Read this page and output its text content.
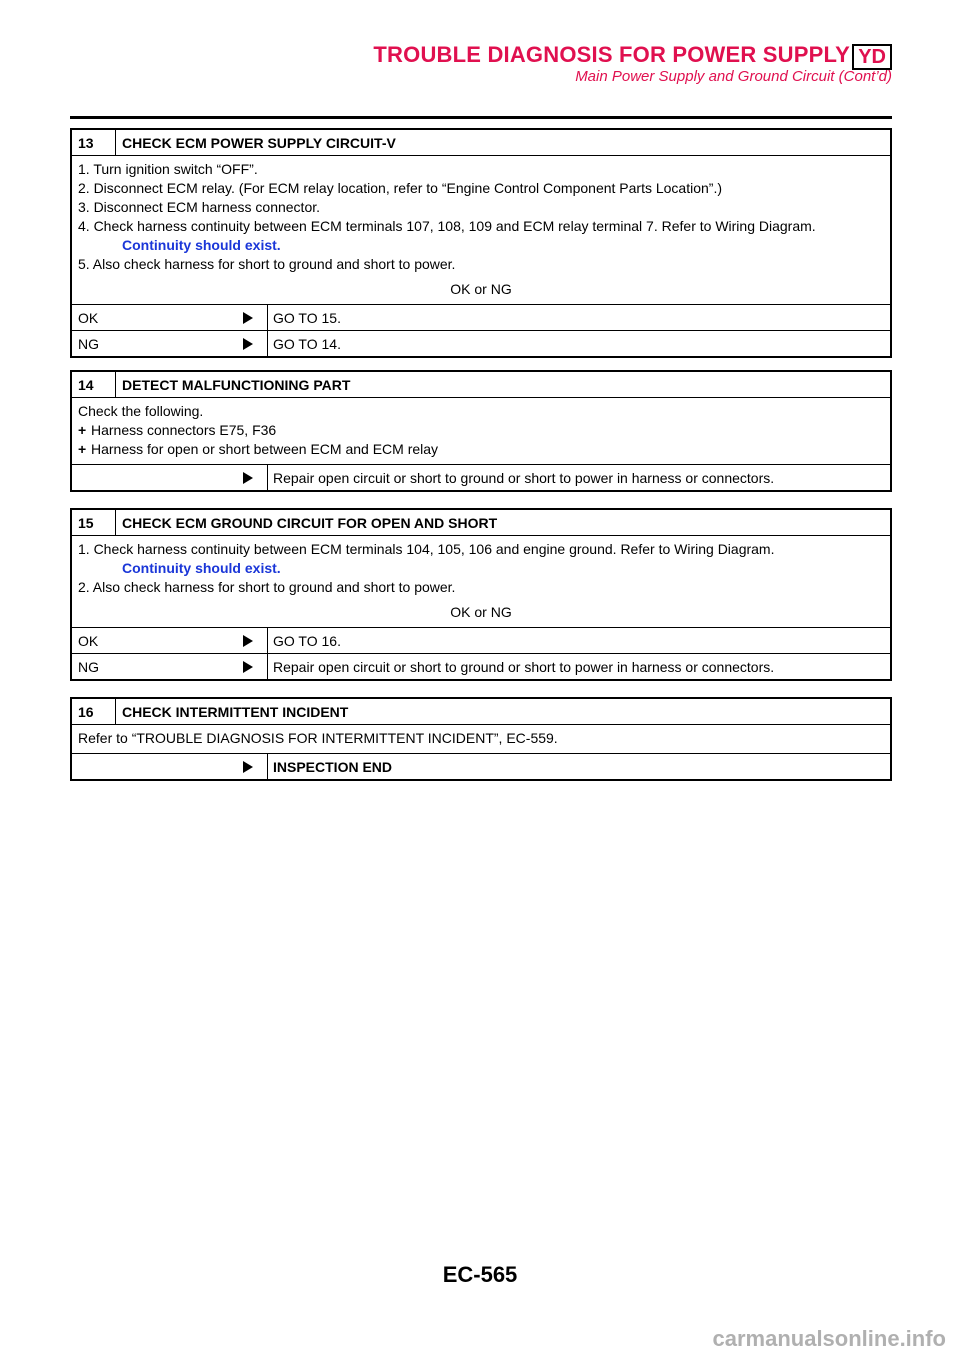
TROUBLE DIAGNOSIS FOR POWER SUPPLY YD
Main Power Supply and Ground Circuit (Cont’d)
13	CHECK ECM POWER SUPPLY CIRCUIT-V
1. Turn ignition switch “OFF”.
2. Disconnect ECM relay. (For ECM relay location, refer to “Engine Control Component Parts Location”.)
3. Disconnect ECM harness connector.
4. Check harness continuity between ECM terminals 107, 108, 109 and ECM relay terminal 7. Refer to Wiring Diagram.
Continuity should exist.
5. Also check harness for short to ground and short to power.
OK or NG
OK	GO TO 15.
NG	GO TO 14.
14	DETECT MALFUNCTIONING PART
Check the following.
+ Harness connectors E75, F36
+ Harness for open or short between ECM and ECM relay
Repair open circuit or short to ground or short to power in harness or connectors.
15	CHECK ECM GROUND CIRCUIT FOR OPEN AND SHORT
1. Check harness continuity between ECM terminals 104, 105, 106 and engine ground. Refer to Wiring Diagram.
Continuity should exist.
2. Also check harness for short to ground and short to power.
OK or NG
OK	GO TO 16.
NG	Repair open circuit or short to ground or short to power in harness or connectors.
16	CHECK INTERMITTENT INCIDENT
Refer to “TROUBLE DIAGNOSIS FOR INTERMITTENT INCIDENT”, EC-559.
INSPECTION END
EC-565
carmanualsonline.info
